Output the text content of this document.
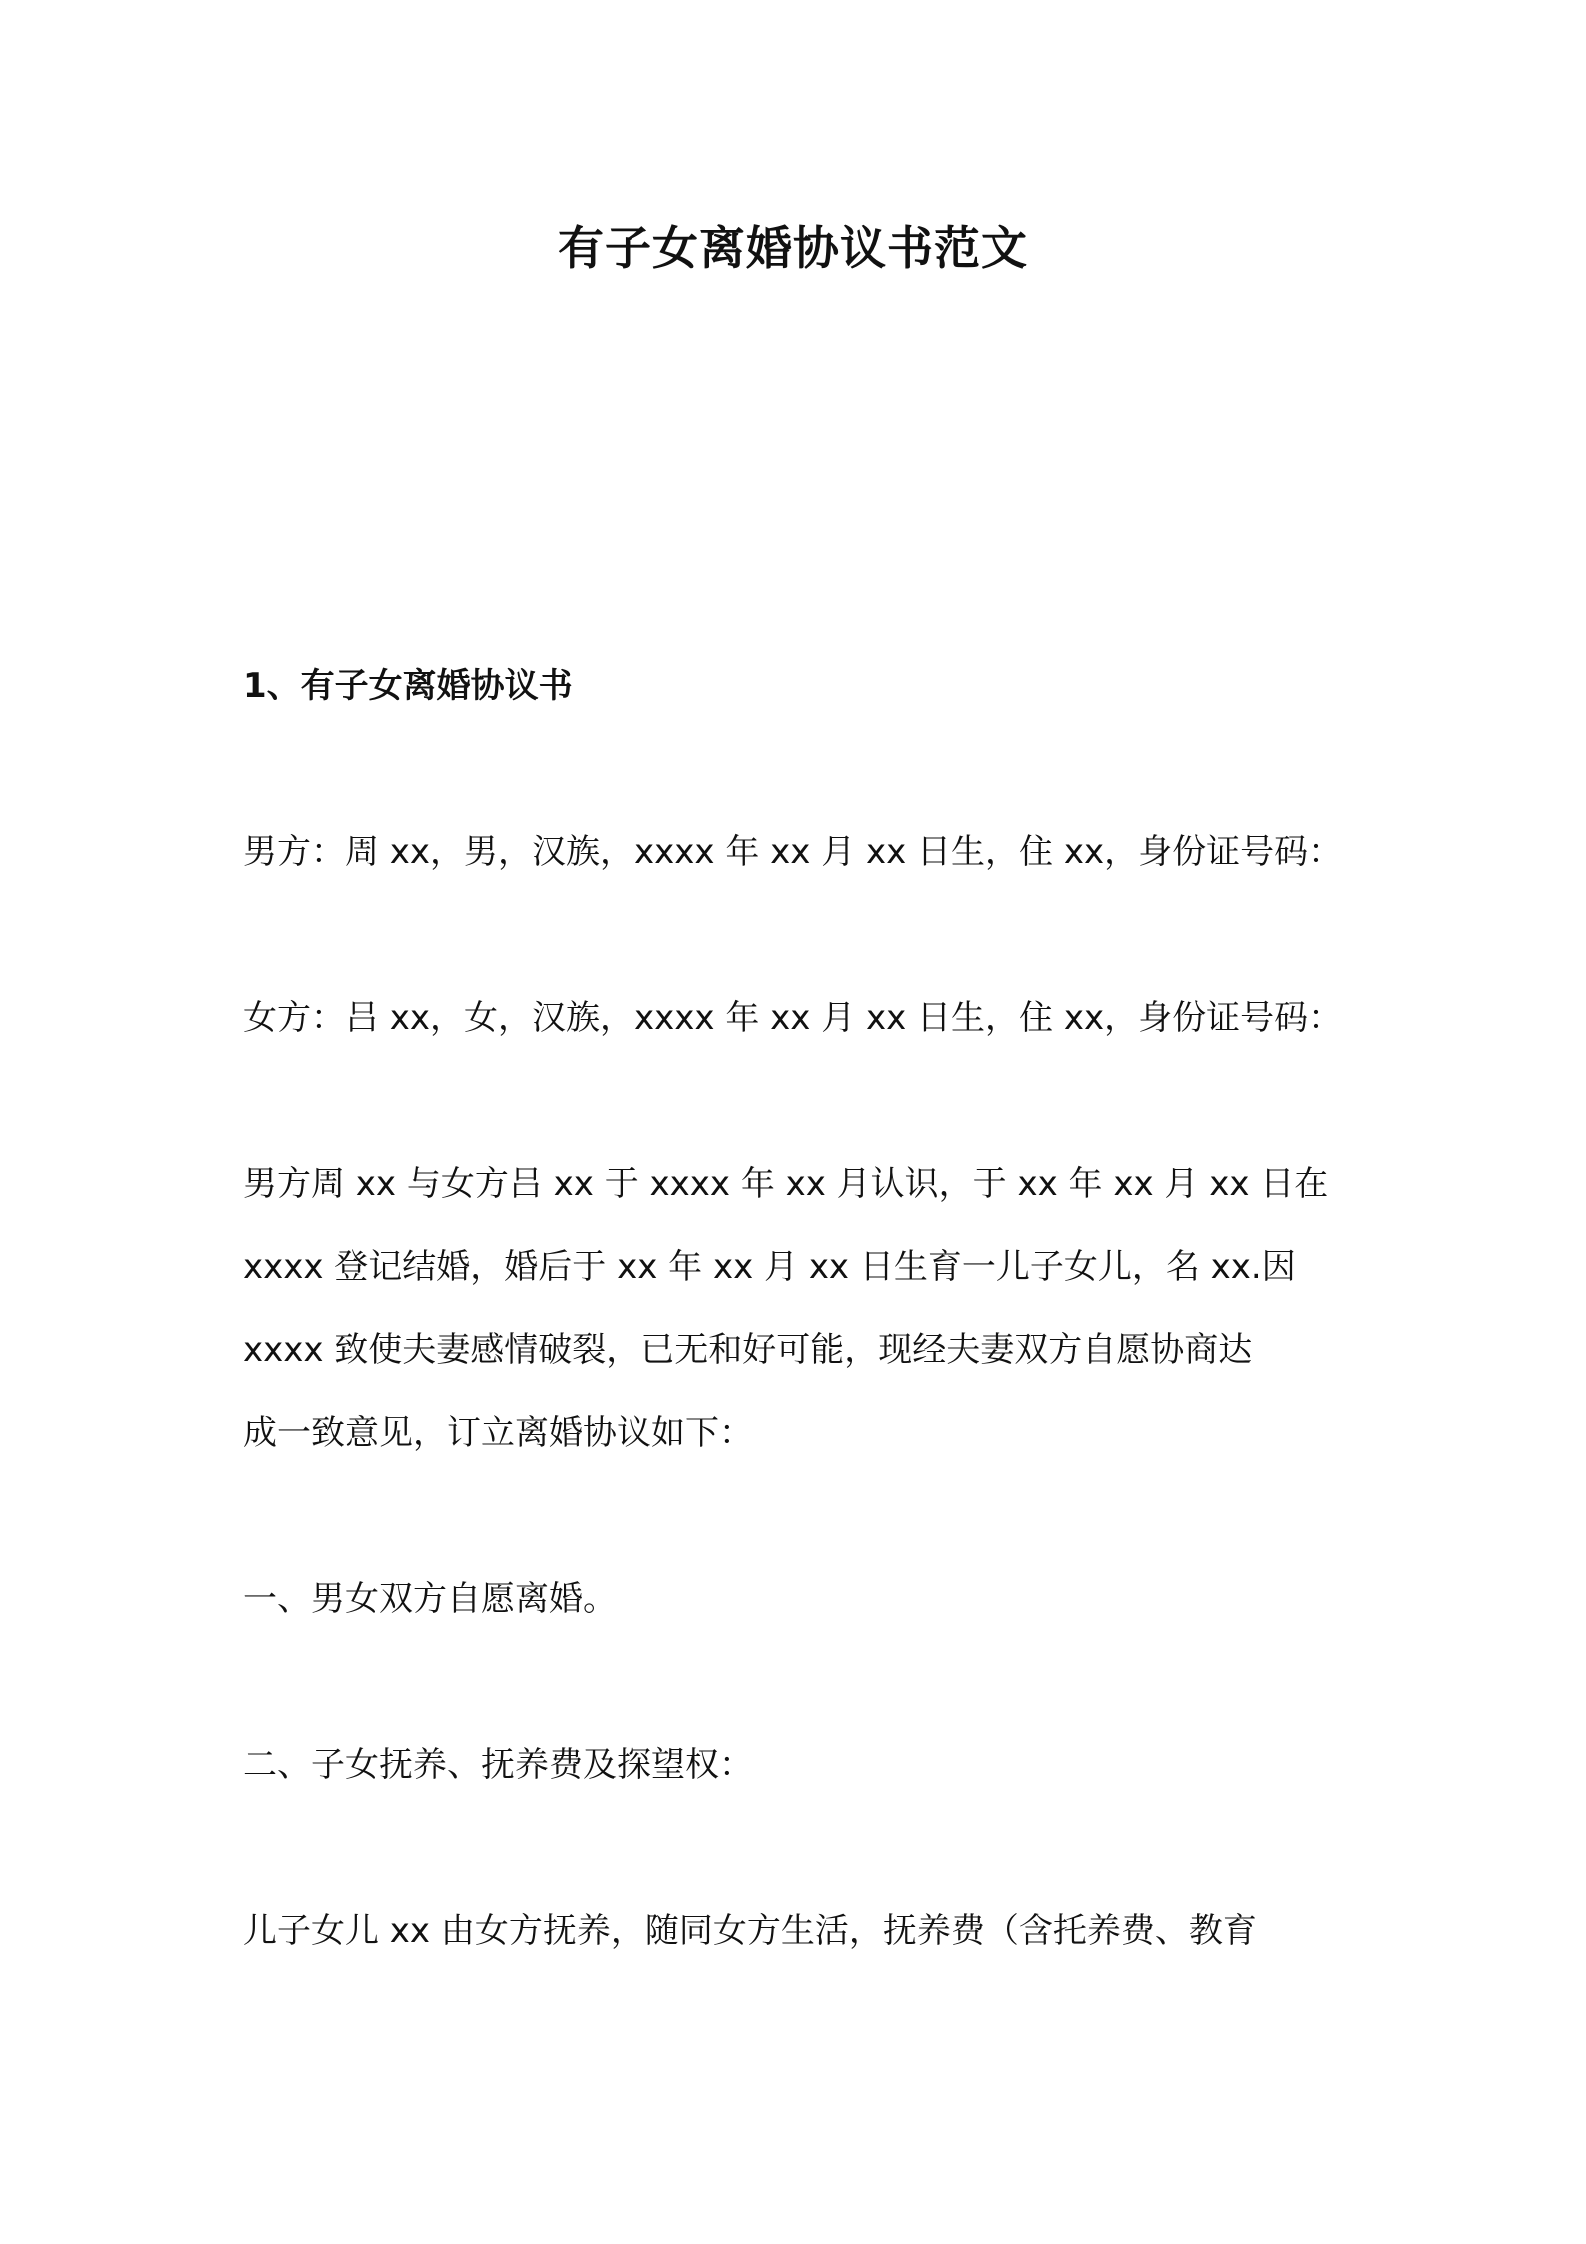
有子女离婚协议书范文
1、有子女离婚协议书
男方：周 xx，男，汉族，xxxx 年 xx 月 xx 日生，住 xx，身份证号码：
女方：吕 xx，女，汉族，xxxx 年 xx 月 xx 日生，住 xx，身份证号码：
男方周 xx 与女方吕 xx 于 xxxx 年 xx 月认识，于 xx 年 xx 月 xx 日在
xxxx 登记结婚，婚后于 xx 年 xx 月 xx 日生育一儿子女儿，名 xx.因
xxxx 致使夫妻感情破裂，已无和好可能，现经夫妻双方自愿协商达
成一致意见，订立离婚协议如下：
一、男女双方自愿离婚。
二、子女抚养、抚养费及探望权：
儿子女儿 xx 由女方抚养，随同女方生活，抚养费（含托养费、教育
